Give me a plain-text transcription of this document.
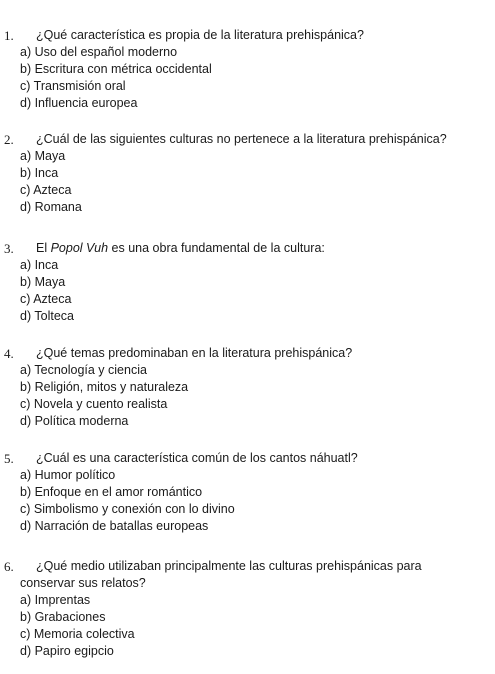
1. ¿Qué característica es propia de la literatura prehispánica?
a) Uso del español moderno
b) Escritura con métrica occidental
c) Transmisión oral
d) Influencia europea
2. ¿Cuál de las siguientes culturas no pertenece a la literatura prehispánica?
a) Maya
b) Inca
c) Azteca
d) Romana
3. El Popol Vuh es una obra fundamental de la cultura:
a) Inca
b) Maya
c) Azteca
d) Tolteca
4. ¿Qué temas predominaban en la literatura prehispánica?
a) Tecnología y ciencia
b) Religión, mitos y naturaleza
c) Novela y cuento realista
d) Política moderna
5. ¿Cuál es una característica común de los cantos náhuatl?
a) Humor político
b) Enfoque en el amor romántico
c) Simbolismo y conexión con lo divino
d) Narración de batallas europeas
6. ¿Qué medio utilizaban principalmente las culturas prehispánicas para
conservar sus relatos?
a) Imprentas
b) Grabaciones
c) Memoria colectiva
d) Papiro egipcio
